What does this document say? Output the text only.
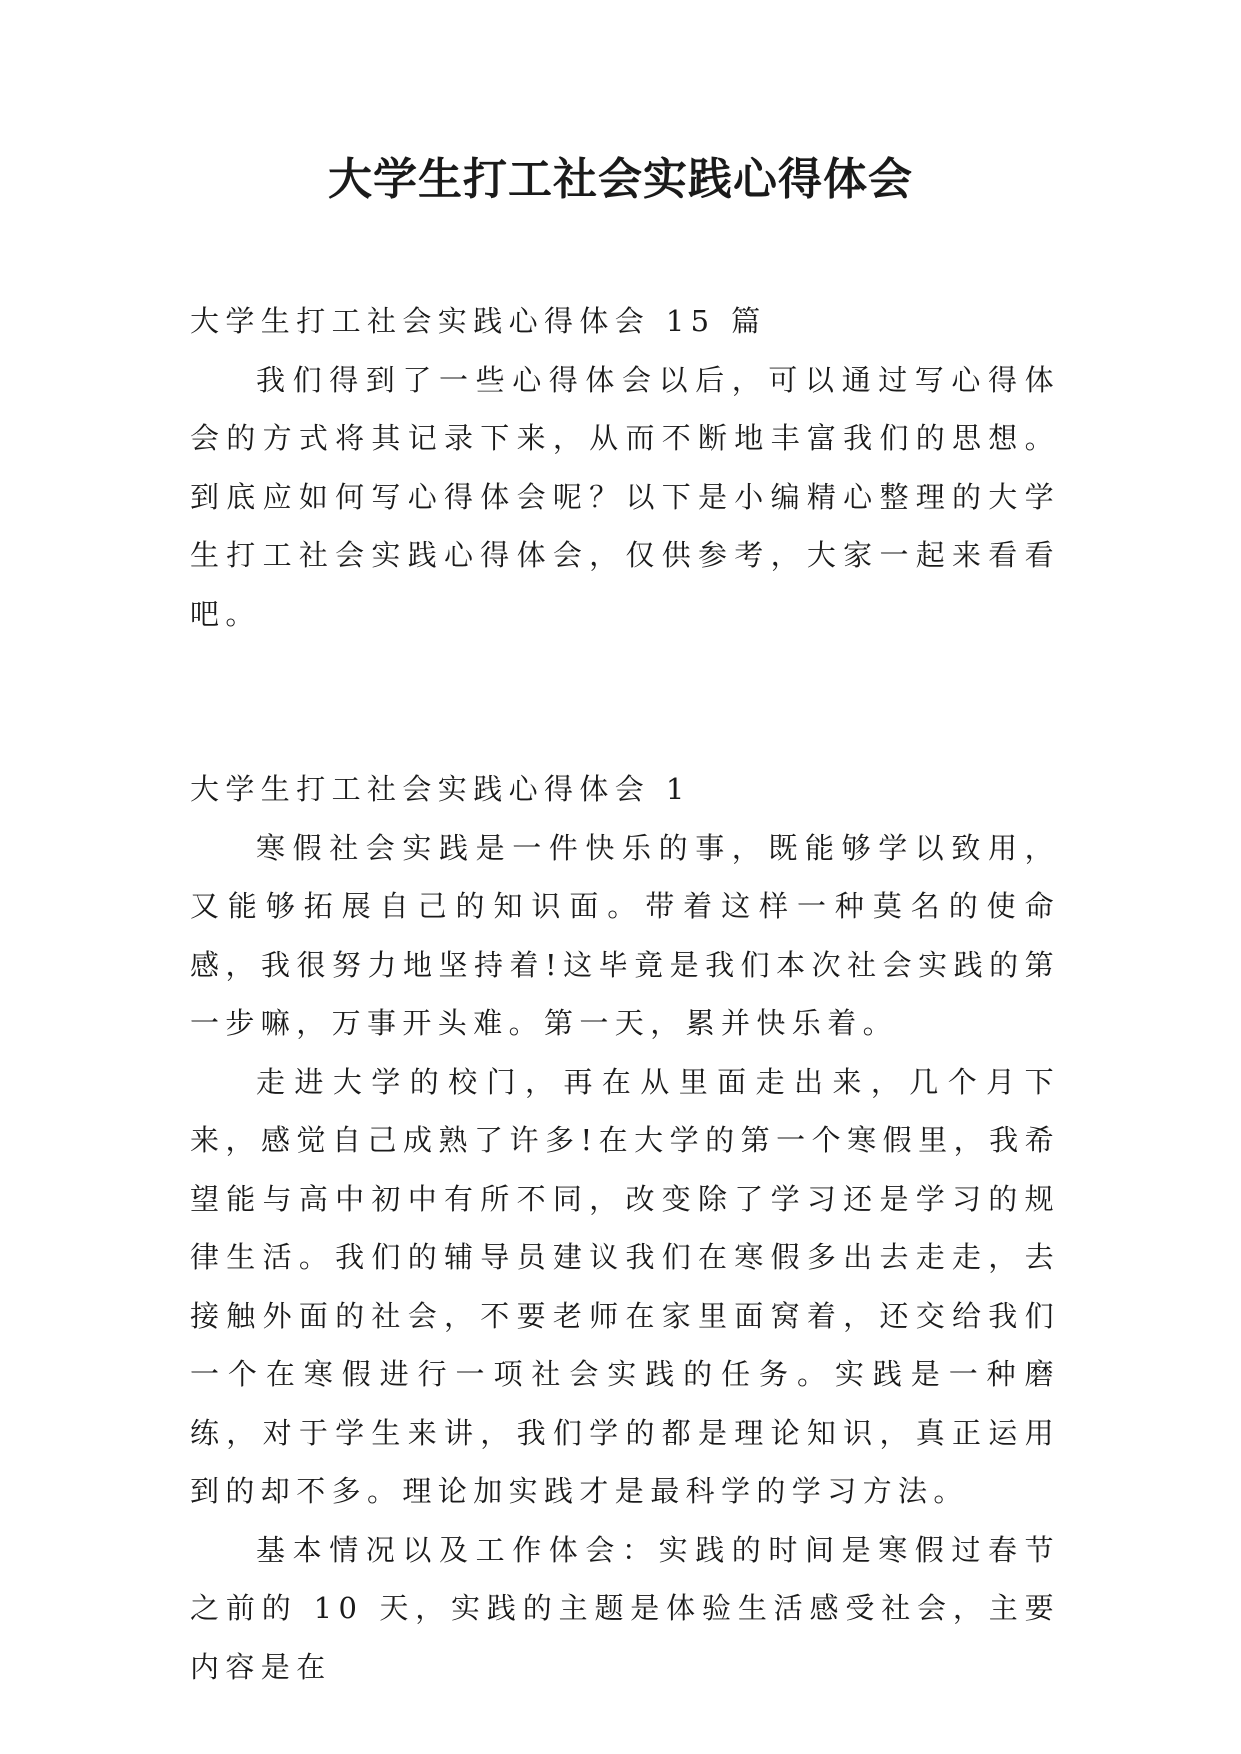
大学生打工社会实践心得体会

大学生打工社会实践心得体会 15 篇

我们得到了一些心得体会以后，可以通过写心得体会的方式将其记录下来，从而不断地丰富我们的思想。到底应如何写心得体会呢？以下是小编精心整理的大学生打工社会实践心得体会，仅供参考，大家一起来看看吧。

大学生打工社会实践心得体会 1

寒假社会实践是一件快乐的事，既能够学以致用，又能够拓展自己的知识面。带着这样一种莫名的使命感，我很努力地坚持着!这毕竟是我们本次社会实践的第一步嘛，万事开头难。第一天，累并快乐着。

走进大学的校门，再在从里面走出来，几个月下来，感觉自己成熟了许多!在大学的第一个寒假里，我希望能与高中初中有所不同，改变除了学习还是学习的规律生活。我们的辅导员建议我们在寒假多出去走走，去接触外面的社会，不要老师在家里面窝着，还交给我们一个在寒假进行一项社会实践的任务。实践是一种磨练，对于学生来讲，我们学的都是理论知识，真正运用到的却不多。理论加实践才是最科学的学习方法。

基本情况以及工作体会：实践的时间是寒假过春节之前的 10 天，实践的主题是体验生活感受社会，主要内容是在
